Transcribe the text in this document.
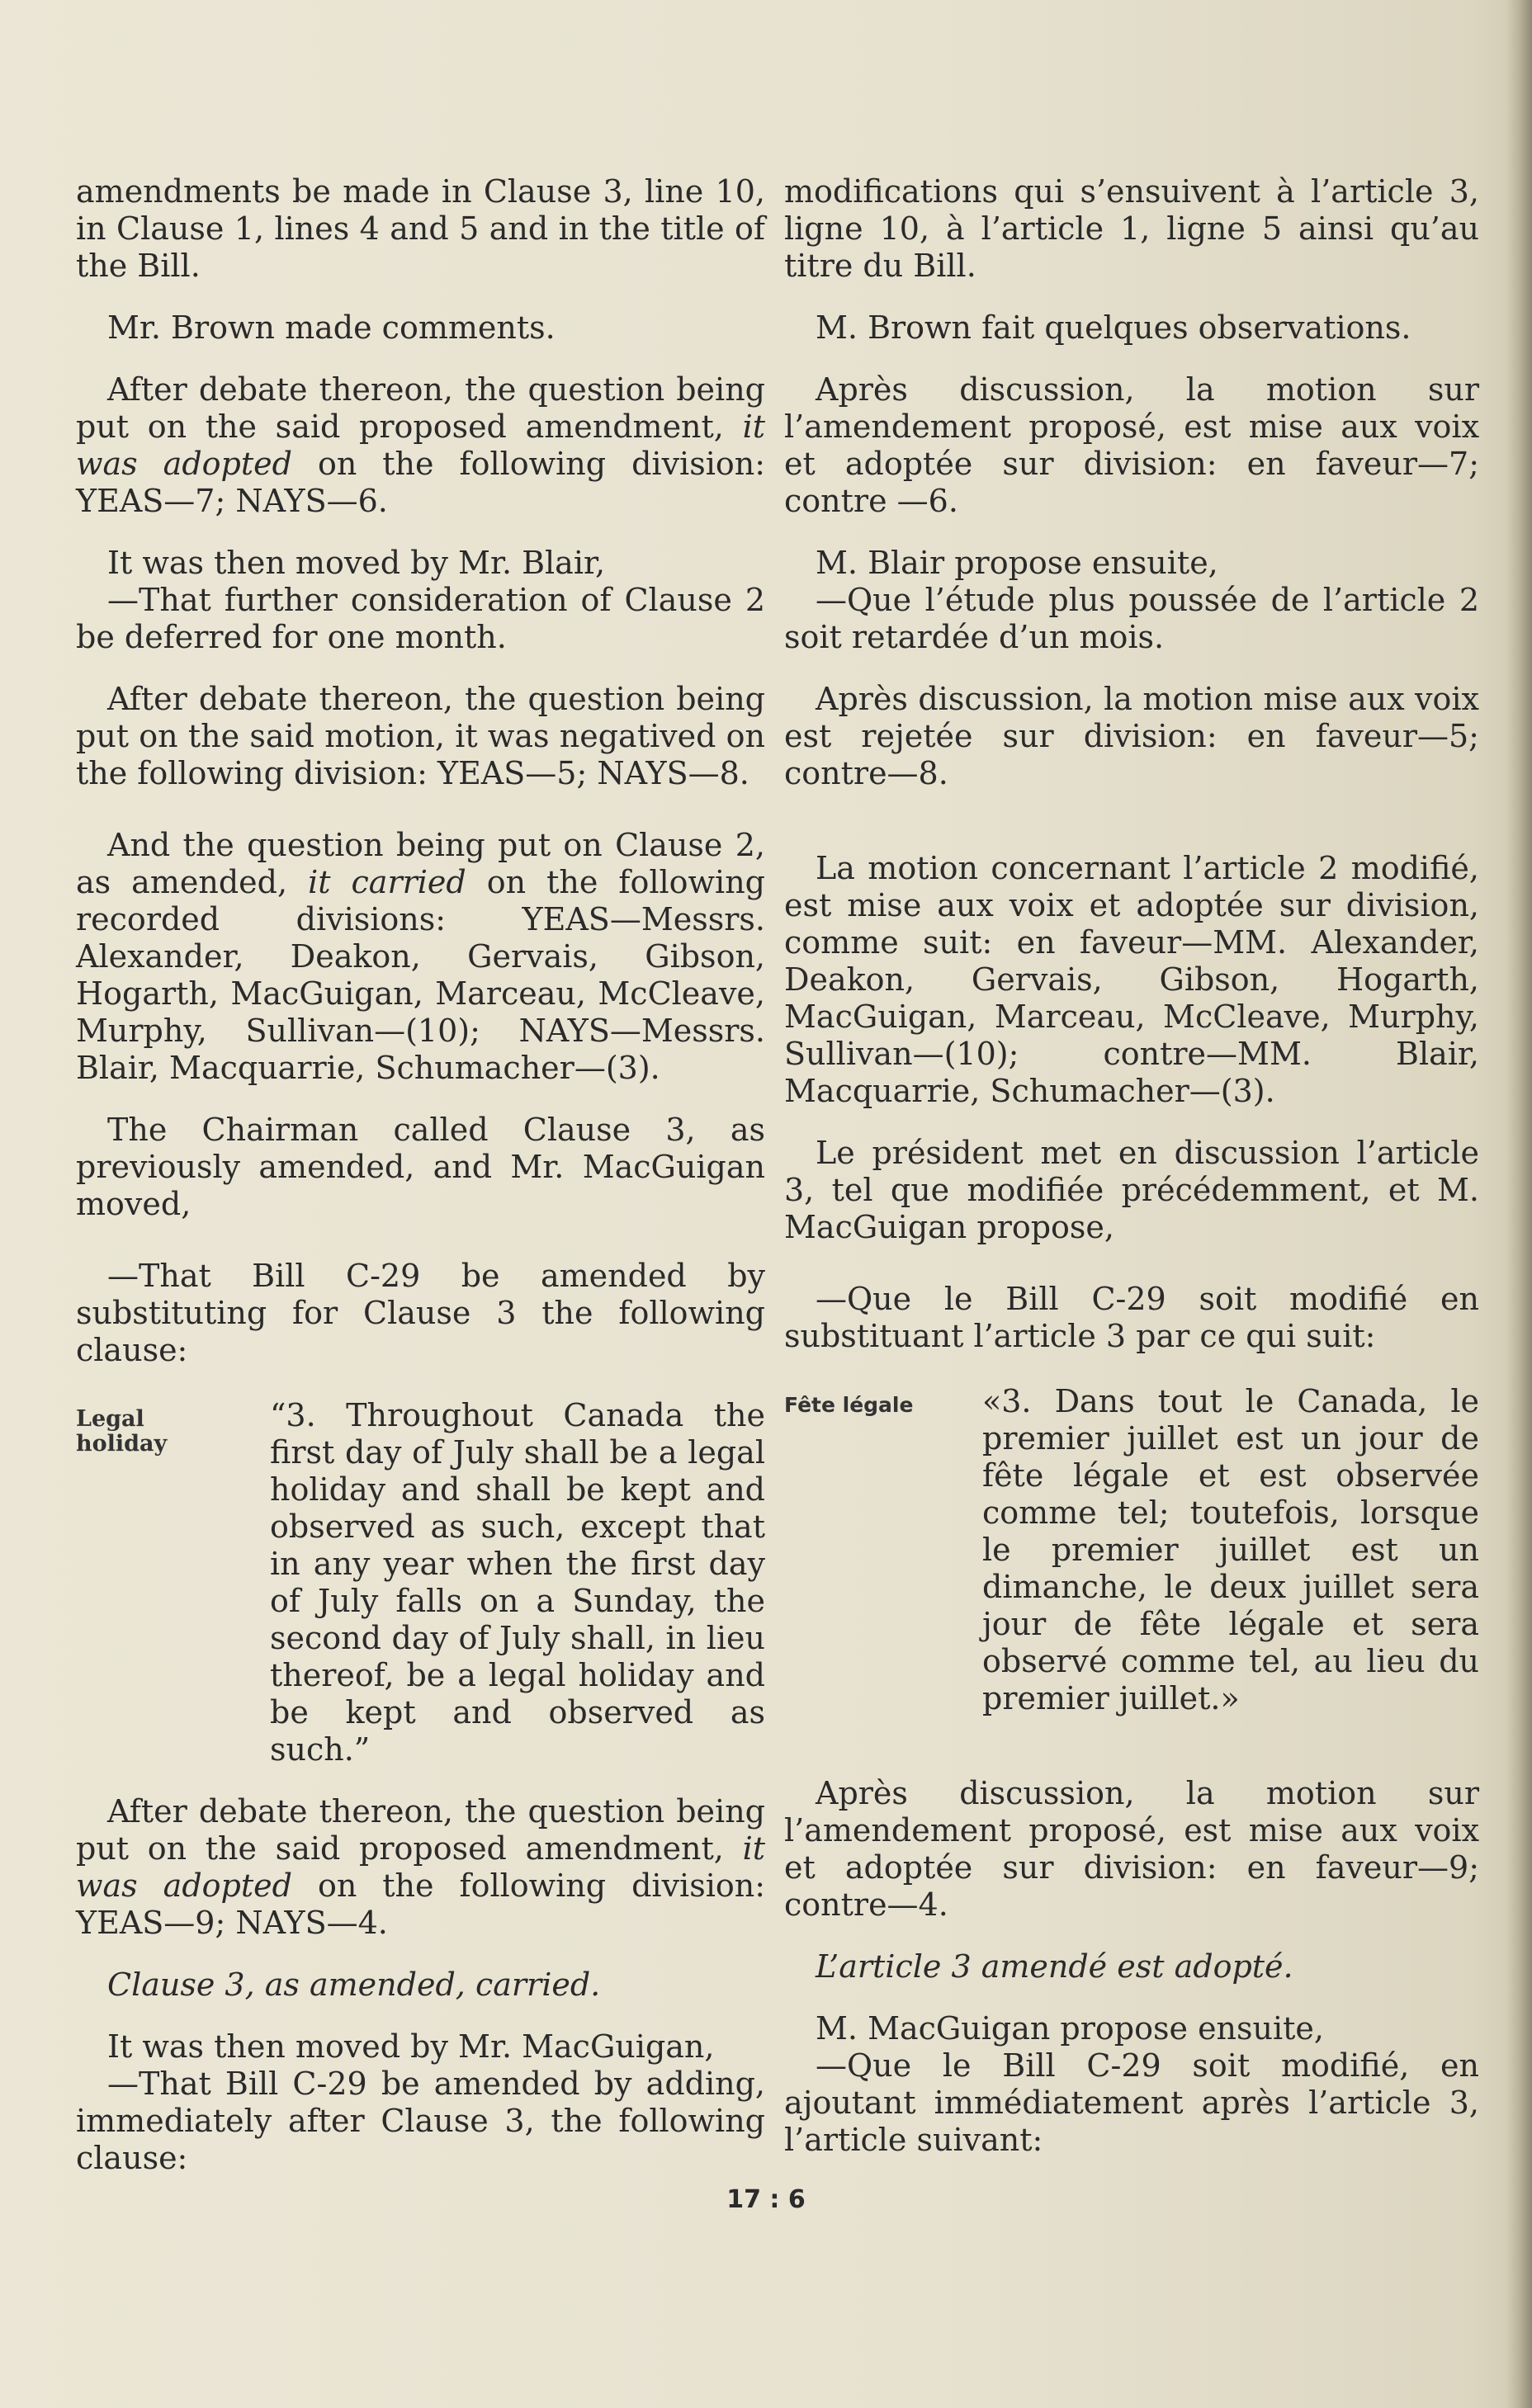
amendments be made in Clause 3, line 10, in Clause 1, lines 4 and 5 and in the title of the Bill.

Mr. Brown made comments.

After debate thereon, the question being put on the said proposed amendment, it was adopted on the following division: YEAS—7; NAYS—6.

It was then moved by Mr. Blair,

—That further consideration of Clause 2 be deferred for one month.

After debate thereon, the question being put on the said motion, it was negatived on the following division: YEAS—5; NAYS—8.

And the question being put on Clause 2, as amended, it carried on the following recorded divisions: YEAS—Messrs. Alexander, Deakon, Gervais, Gibson, Hogarth, MacGuigan, Marceau, McCleave, Murphy, Sullivan—(10); NAYS—Messrs. Blair, Macquarrie, Schumacher—(3).

The Chairman called Clause 3, as previously amended, and Mr. MacGuigan moved,

—That Bill C-29 be amended by substituting for Clause 3 the following clause:

Legal holiday
“3. Throughout Canada the first day of July shall be a legal holiday and shall be kept and observed as such, except that in any year when the first day of July falls on a Sunday, the second day of July shall, in lieu thereof, be a legal holiday and be kept and observed as such.”

After debate thereon, the question being put on the said proposed amendment, it was adopted on the following division: YEAS—9; NAYS—4.

Clause 3, as amended, carried.

It was then moved by Mr. MacGuigan,

—That Bill C-29 be amended by adding, immediately after Clause 3, the following clause:

modifications qui s’ensuivent à l’article 3, ligne 10, à l’article 1, ligne 5 ainsi qu’au titre du Bill.

M. Brown fait quelques observations.

Après discussion, la motion sur l’amendement proposé, est mise aux voix et adoptée sur division: en faveur—7; contre —6.

M. Blair propose ensuite,

—Que l’étude plus poussée de l’article 2 soit retardée d’un mois.

Après discussion, la motion mise aux voix est rejetée sur division: en faveur—5; contre—8.

La motion concernant l’article 2 modifié, est mise aux voix et adoptée sur division, comme suit: en faveur—MM. Alexander, Deakon, Gervais, Gibson, Hogarth, MacGuigan, Marceau, McCleave, Murphy, Sullivan—(10); contre—MM. Blair, Macquarrie, Schumacher—(3).

Le président met en discussion l’article 3, tel que modifiée précédemment, et M. MacGuigan propose,

—Que le Bill C-29 soit modifié en substituant l’article 3 par ce qui suit:

Fête légale	«3. Dans tout le Canada, le premier juillet est un jour de fête légale et est observée comme tel; toutefois, lorsque le premier juillet est un dimanche, le deux juillet sera jour de fête légale et sera observé comme tel, au lieu du premier juillet.»

Après discussion, la motion sur l’amendement proposé, est mise aux voix et adoptée sur division: en faveur—9; contre—4.

L’article 3 amendé est adopté.

M. MacGuigan propose ensuite,

—Que le Bill C-29 soit modifié, en ajoutant immédiatement après l’article 3, l’article suivant:

17 : 6
